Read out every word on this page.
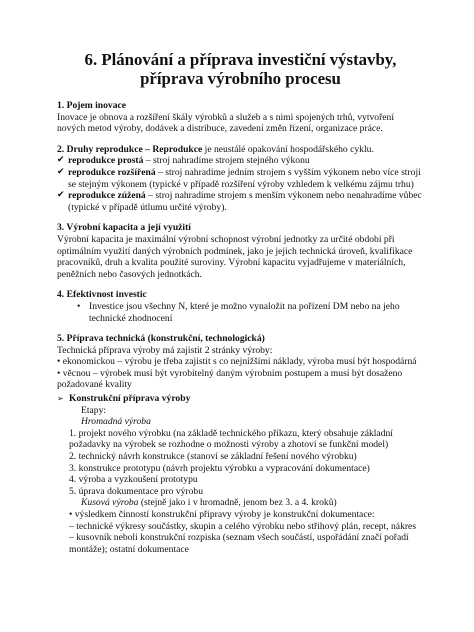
6. Plánování a příprava investiční výstavby, příprava výrobního procesu
1. Pojem inovace

Inovace je obnova a rozšíření škály výrobků a služeb a s nimi spojených trhů, vytvoření nových metod výroby, dodávek a distribuce, zavedení změn řízení, organizace práce.

2. Druhy reprodukce – Reprodukce je neustálé opakování hospodářského cyklu.
✔ reprodukce prostá – stroj nahradíme strojem stejného výkonu
✔ reprodukce rozšířená – stroj nahradíme jedním strojem s vyšším výkonem nebo více stroji se stejným výkonem (typické v případě rozšíření výroby vzhledem k velkému zájmu trhu)
✔ reprodukce zúžená – stroj nahradíme strojem s menším výkonem nebo nenahradíme vůbec (typické v případě útlumu určité výroby).
3. Výrobní kapacita a její využití

Výrobní kapacita je maximální výrobní schopnost výrobní jednotky za určité období při optimálním využití daných výrobních podmínek, jako je jejich technická úroveň, kvalifikace pracovníků, druh a kvalita použité suroviny. Výrobní kapacitu vyjadřujeme v materiálních, peněžních nebo časových jednotkách.

4. Efektivnost investic
• Investice jsou všechny N, které je možno vynaložit na pořízení DM nebo na jeho technické zhodnocení
5. Příprava technická (konstrukční, technologická)

Technická příprava výroby má zajistit 2 stránky výroby:

• ekonomickou – výrobu je třeba zajistit s co nejnižšími náklady, výroba musí být hospodárná

• věcnou – výrobek musí být vyrobitelný daným výrobním postupem a musí být dosaženo požadované kvality

➢ Konstrukční příprava výroby
Etapy:
Hromadná výroba
1. projekt nového výrobku (na základě technického příkazu, který obsahuje základní požadavky na výrobek se rozhodne o možnosti výroby a zhotoví se funkční model)
2. technický návrh konstrukce (stanoví se základní řešení nového výrobku)
3. konstrukce prototypu (návrh projektu výrobku a vypracování dokumentace)
4. výroba a vyzkoušení prototypu
5. úprava dokumentace pro výrobu
Kusová výroba (stejně jako i v hromadně, jenom bez 3. a 4. kroků)
• výsledkem činností konstrukční přípravy výroby je konstrukční dokumentace:
– technické výkresy součástky, skupin a celého výrobku nebo střihový plán, recept, nákres
– kusovník neboli konstrukční rozpiska (seznam všech součástí, uspořádání značí pořadí montáže); ostatní dokumentace
